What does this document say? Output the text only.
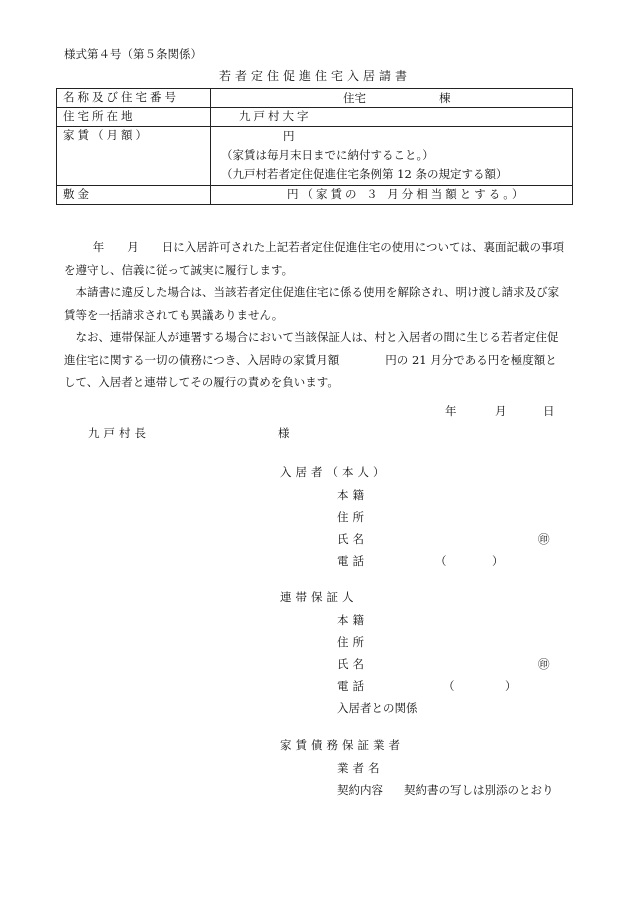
様式第４号（第５条関係）
若者定住促進住宅入居請書
名称及び住宅番号	住宅 棟

住宅所在地	九戸村大字
家賃（月額）	円
（家賃は毎月末日までに納付すること。）
（九戸村若者定住促進住宅条例第 12 条の規定する額）

敷金	円（家賃の ３ 月分相当額とする。）

年　　月　　日に入居許可された上記若者定住促進住宅の使用については、裏面記載の事項を遵守し、信義に従って誠実に履行します。

本請書に違反した場合は、当該若者定住促進住宅に係る使用を解除され、明け渡し請求及び家賃等を一括請求されても異議ありません。

なお、連帯保証人が連署する場合において当該保証人は、村と入居者の間に生じる若者定住促進住宅に関する一切の債務につき、入居時の家賃月額　　　　円の 21 月分である円を極度額として、入居者と連帯してその履行の責めを負います。

年	月	日
九戸村長	様
入居者（本人）
本籍
住所
氏名	㊞
電話	（	）
連帯保証人
本籍
住所
氏名	㊞
電話	（	）
入居者との関係
家賃債務保証業者
業者名
契約内容 契約書の写しは別添のとおり
